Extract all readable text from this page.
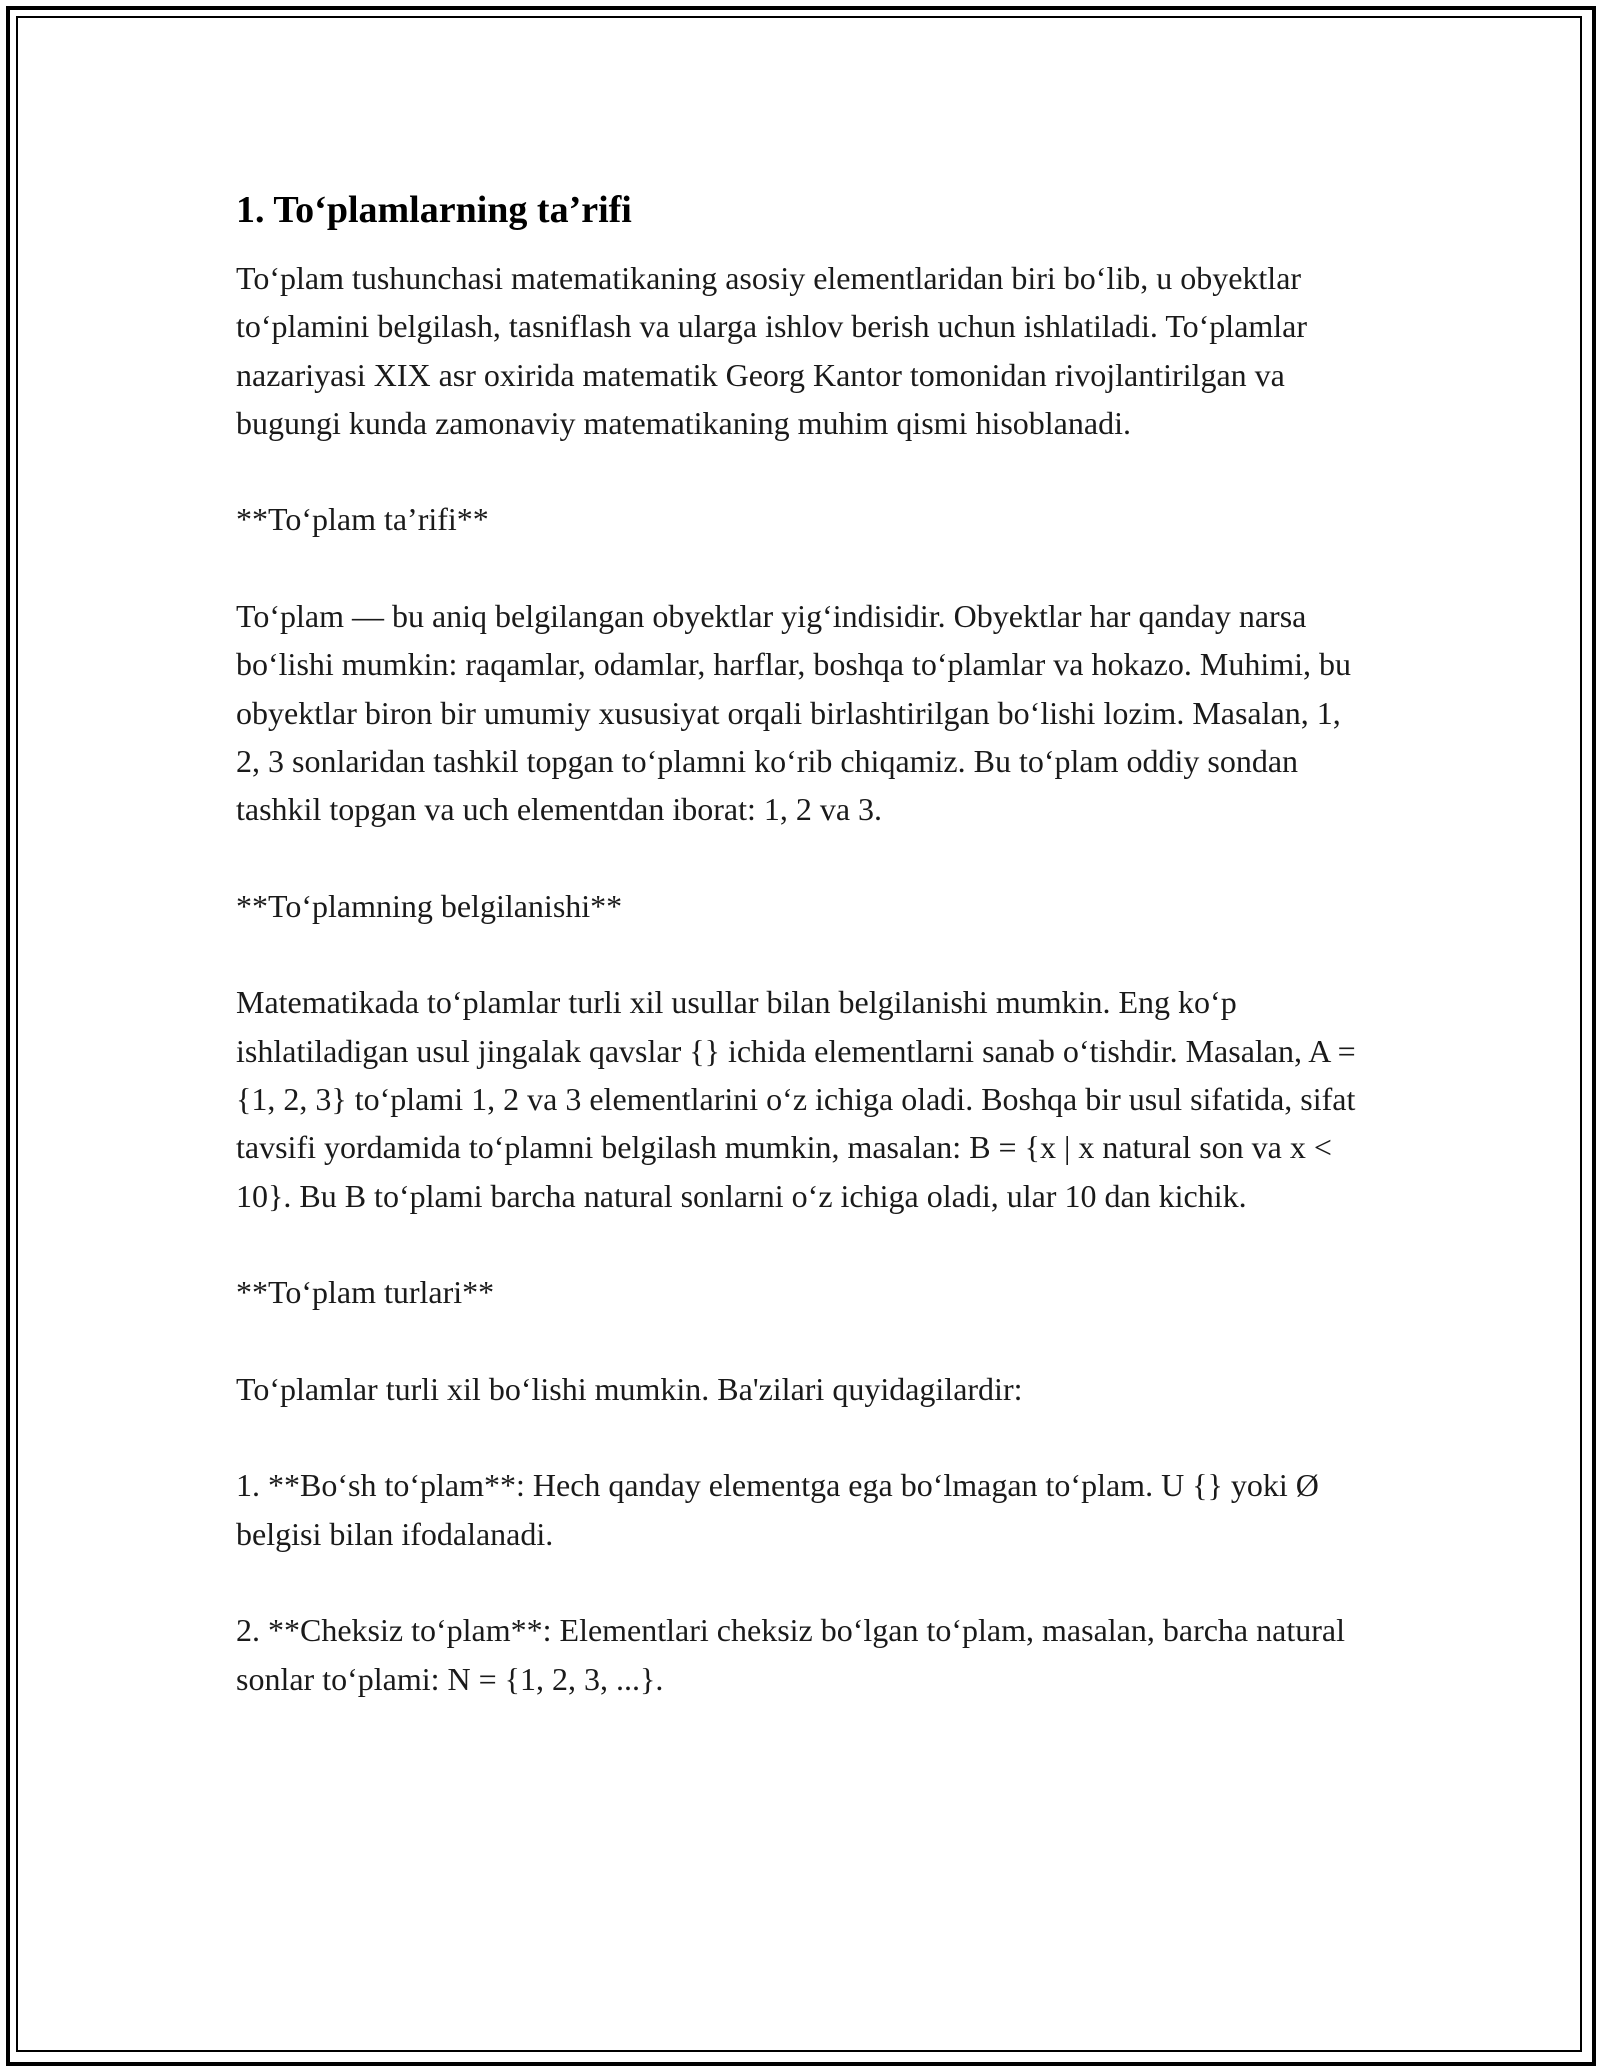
1. To‘plamlarning ta’rifi

To‘plam tushunchasi matematikaning asosiy elementlaridan biri bo‘lib, u obyektlar to‘plamini belgilash, tasniflash va ularga ishlov berish uchun ishlatiladi. To‘plamlar nazariyasi XIX asr oxirida matematik Georg Kantor tomonidan rivojlantirilgan va bugungi kunda zamonaviy matematikaning muhim qismi hisoblanadi.

**To‘plam ta’rifi**

To‘plam — bu aniq belgilangan obyektlar yig‘indisidir. Obyektlar har qanday narsa bo‘lishi mumkin: raqamlar, odamlar, harflar, boshqa to‘plamlar va hokazo. Muhimi, bu obyektlar biron bir umumiy xususiyat orqali birlashtirilgan bo‘lishi lozim. Masalan, 1, 2, 3 sonlaridan tashkil topgan to‘plamni ko‘rib chiqamiz. Bu to‘plam oddiy sondan tashkil topgan va uch elementdan iborat: 1, 2 va 3.

**To‘plamning belgilanishi**

Matematikada to‘plamlar turli xil usullar bilan belgilanishi mumkin. Eng ko‘p ishlatiladigan usul jingalak qavslar {} ichida elementlarni sanab o‘tishdir. Masalan, A = {1, 2, 3} to‘plami 1, 2 va 3 elementlarini o‘z ichiga oladi. Boshqa bir usul sifatida, sifat tavsifi yordamida to‘plamni belgilash mumkin, masalan: B = {x | x natural son va x < 10}. Bu B to‘plami barcha natural sonlarni o‘z ichiga oladi, ular 10 dan kichik.

**To‘plam turlari**

To‘plamlar turli xil bo‘lishi mumkin. Ba'zilari quyidagilardir:

1. **Bo‘sh to‘plam**: Hech qanday elementga ega bo‘lmagan to‘plam. U {} yoki Ø belgisi bilan ifodalanadi.

2. **Cheksiz to‘plam**: Elementlari cheksiz bo‘lgan to‘plam, masalan, barcha natural sonlar to‘plami: N = {1, 2, 3, ...}.
